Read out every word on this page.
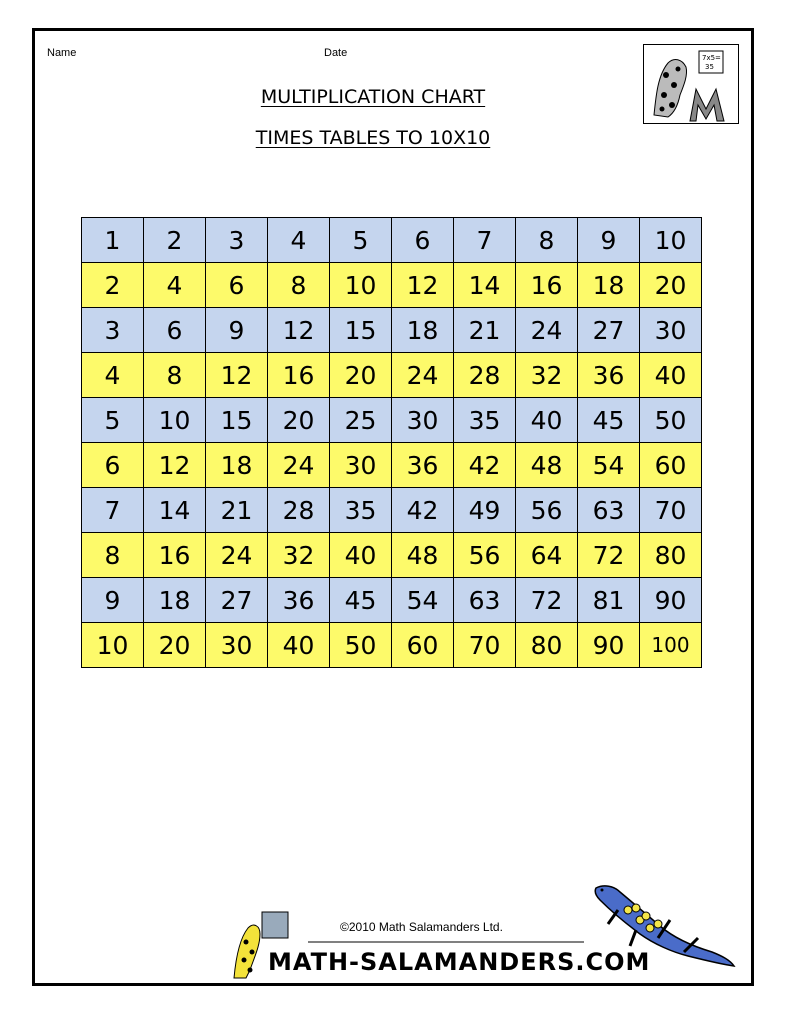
Name	Date
MULTIPLICATION CHART
TIMES TABLES TO 10X10
7x5=
35
1	2	3	4	5	6	7	8	9	10
2	4	6	8	10	12	14	16	18	20
3	6	9	12	15	18	21	24	27	30
4	8	12	16	20	24	28	32	36	40
5	10	15	20	25	30	35	40	45	50
6	12	18	24	30	36	42	48	54	60
7	14	21	28	35	42	49	56	63	70
8	16	24	32	40	48	56	64	72	80
9	18	27	36	45	54	63	72	81	90
10	20	30	40	50	60	70	80	90	100
MATH-SALAMANDERS.COM
©2010 Math Salamanders Ltd.
